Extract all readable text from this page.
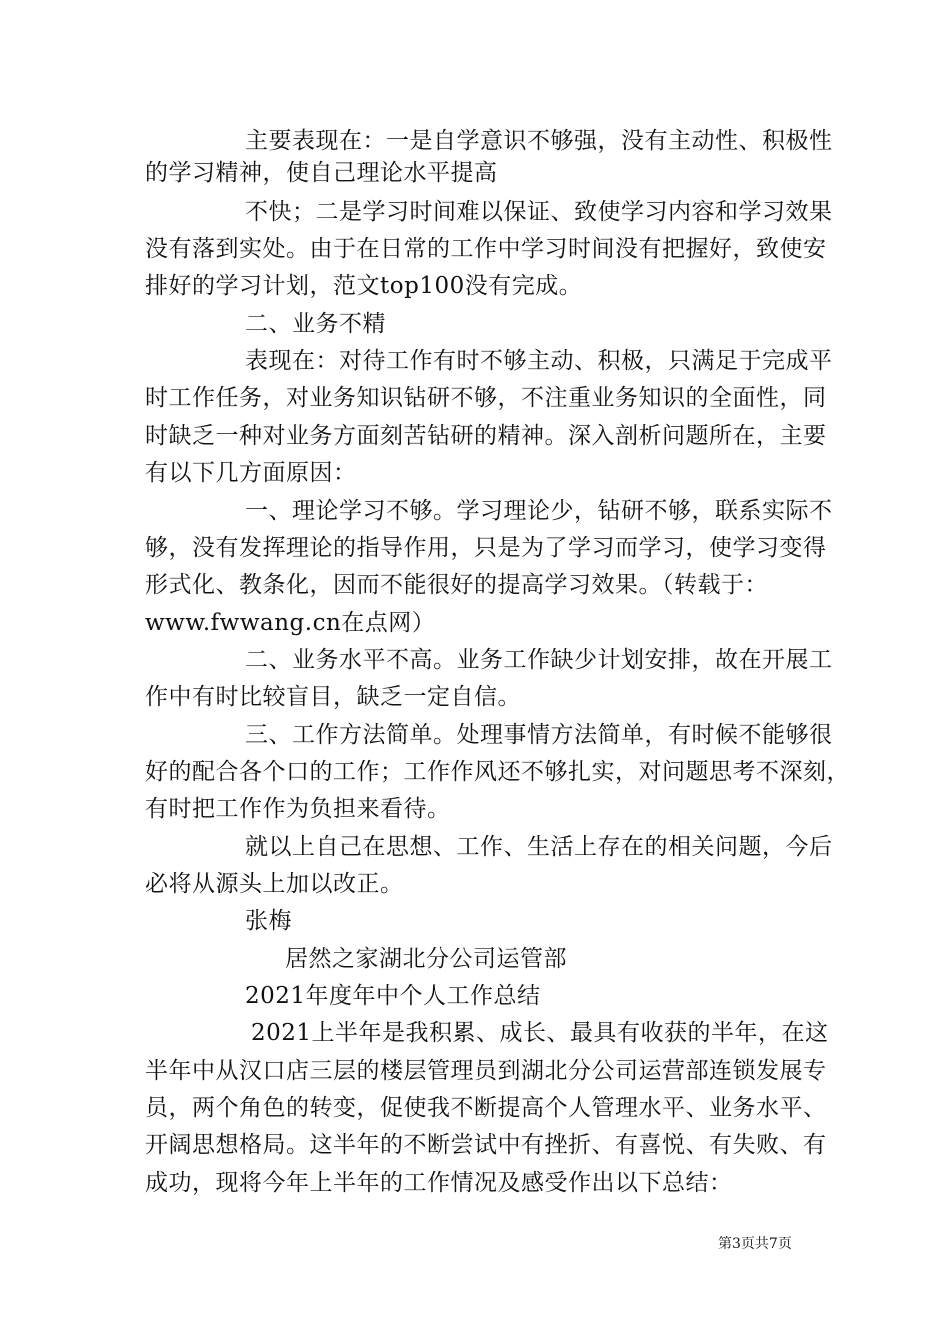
主要表现在：一是自学意识不够强，没有主动性、积极性
的学习精神，使自己理论水平提高
不快；二是学习时间难以保证、致使学习内容和学习效果
没有落到实处。由于在日常的工作中学习时间没有把握好，致使安
排好的学习计划，范文top100没有完成。
二、业务不精
表现在：对待工作有时不够主动、积极，只满足于完成平
时工作任务，对业务知识钻研不够，不注重业务知识的全面性，同
时缺乏一种对业务方面刻苦钻研的精神。深入剖析问题所在，主要
有以下几方面原因：
一、理论学习不够。学习理论少，钻研不够，联系实际不
够，没有发挥理论的指导作用，只是为了学习而学习，使学习变得
形式化、教条化，因而不能很好的提高学习效果。（转载于：
www.fwwang.cn在点网）
二、业务水平不高。业务工作缺少计划安排，故在开展工
作中有时比较盲目，缺乏一定自信。
三、工作方法简单。处理事情方法简单，有时候不能够很
好的配合各个口的工作；工作作风还不够扎实，对问题思考不深刻，
有时把工作作为负担来看待。
就以上自己在思想、工作、生活上存在的相关问题，今后
必将从源头上加以改正。
张梅
居然之家湖北分公司运管部
2021年度年中个人工作总结
2021上半年是我积累、成长、最具有收获的半年，在这
半年中从汉口店三层的楼层管理员到湖北分公司运营部连锁发展专
员，两个角色的转变，促使我不断提高个人管理水平、业务水平、
开阔思想格局。这半年的不断尝试中有挫折、有喜悦、有失败、有
成功，现将今年上半年的工作情况及感受作出以下总结：
第3页共7页
